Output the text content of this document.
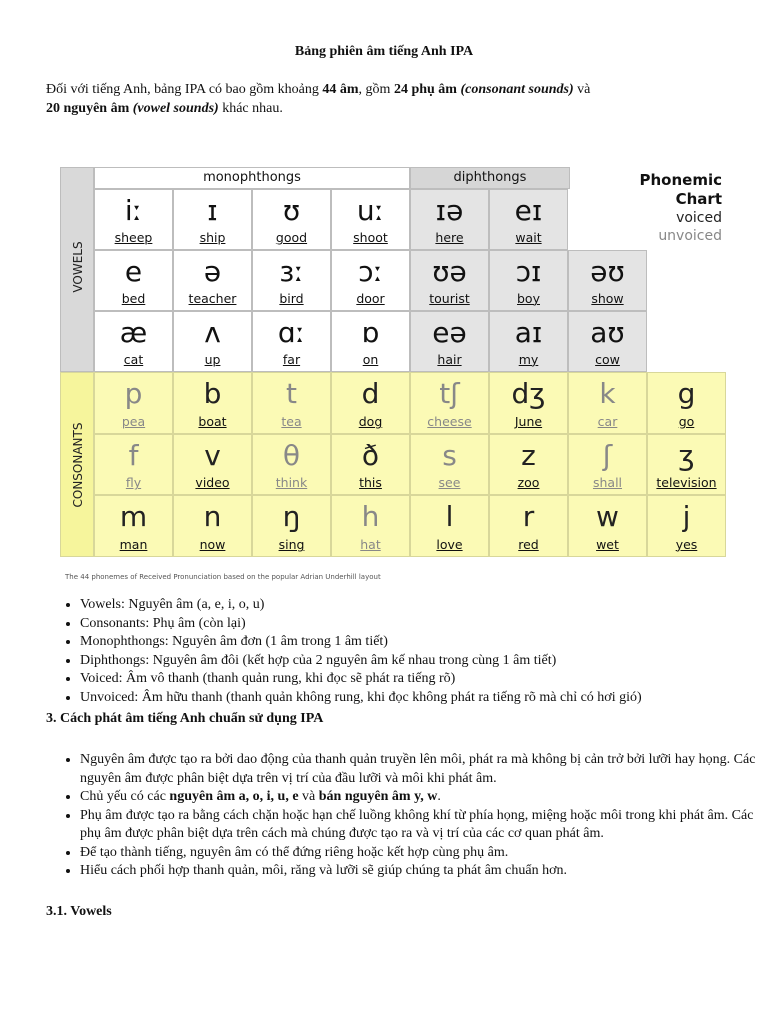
Bảng phiên âm tiếng Anh IPA
Đối với tiếng Anh, bảng IPA có bao gồm khoảng 44 âm, gồm 24 phụ âm (consonant sounds) và 20 nguyên âm (vowel sounds) khác nhau.
VOWELS
CONSONANTS
monophthongs	diphthongs	Phonemic
Chart
voiced
unvoiced
iː
sheep
ɪ
ship
ʊ
good
uː
shoot
ɪə
here
eɪ
wait
e
bed
ə
teacher
ɜː
bird
ɔː
door
ʊə
tourist
ɔɪ
boy
əʊ
show
æ
cat
ʌ
up
ɑː
far
ɒ
on
eə
hair
aɪ
my
aʊ
cow
p
pea
b
boat
t
tea
d
dog
tʃ
cheese
dʒ
June
k
car
g
go
f
fly
v
video
θ
think
ð
this
s
see
z
zoo
ʃ
shall
ʒ
television
m
man
n
now
ŋ
sing
h
hat
l
love
r
red
w
wet
j
yes
The 44 phonemes of Received Pronunciation based on the popular Adrian Underhill layout
• Vowels: Nguyên âm (a, e, i, o, u)
• Consonants: Phụ âm (còn lại)
• Monophthongs: Nguyên âm đơn (1 âm trong 1 âm tiết)
• Diphthongs: Nguyên âm đôi (kết hợp của 2 nguyên âm kế nhau trong cùng 1 âm tiết)
• Voiced: Âm vô thanh (thanh quản rung, khi đọc sẽ phát ra tiếng rõ)
• Unvoiced: Âm hữu thanh (thanh quản không rung, khi đọc không phát ra tiếng rõ mà chỉ có hơi gió)
3. Cách phát âm tiếng Anh chuẩn sử dụng IPA
• Nguyên âm được tạo ra bởi dao động của thanh quản truyền lên môi, phát ra mà không bị cản trở bởi lưỡi hay họng. Các nguyên âm được phân biệt dựa trên vị trí của đầu lưỡi và môi khi phát âm.
• Chủ yếu có các nguyên âm a, o, i, u, e và bán nguyên âm y, w.
• Phụ âm được tạo ra bằng cách chặn hoặc hạn chế luồng không khí từ phía họng, miệng hoặc môi trong khi phát âm. Các phụ âm được phân biệt dựa trên cách mà chúng được tạo ra và vị trí của các cơ quan phát âm.
• Để tạo thành tiếng, nguyên âm có thể đứng riêng hoặc kết hợp cùng phụ âm.
• Hiểu cách phối hợp thanh quản, môi, răng và lưỡi sẽ giúp chúng ta phát âm chuẩn hơn.
3.1. Vowels
